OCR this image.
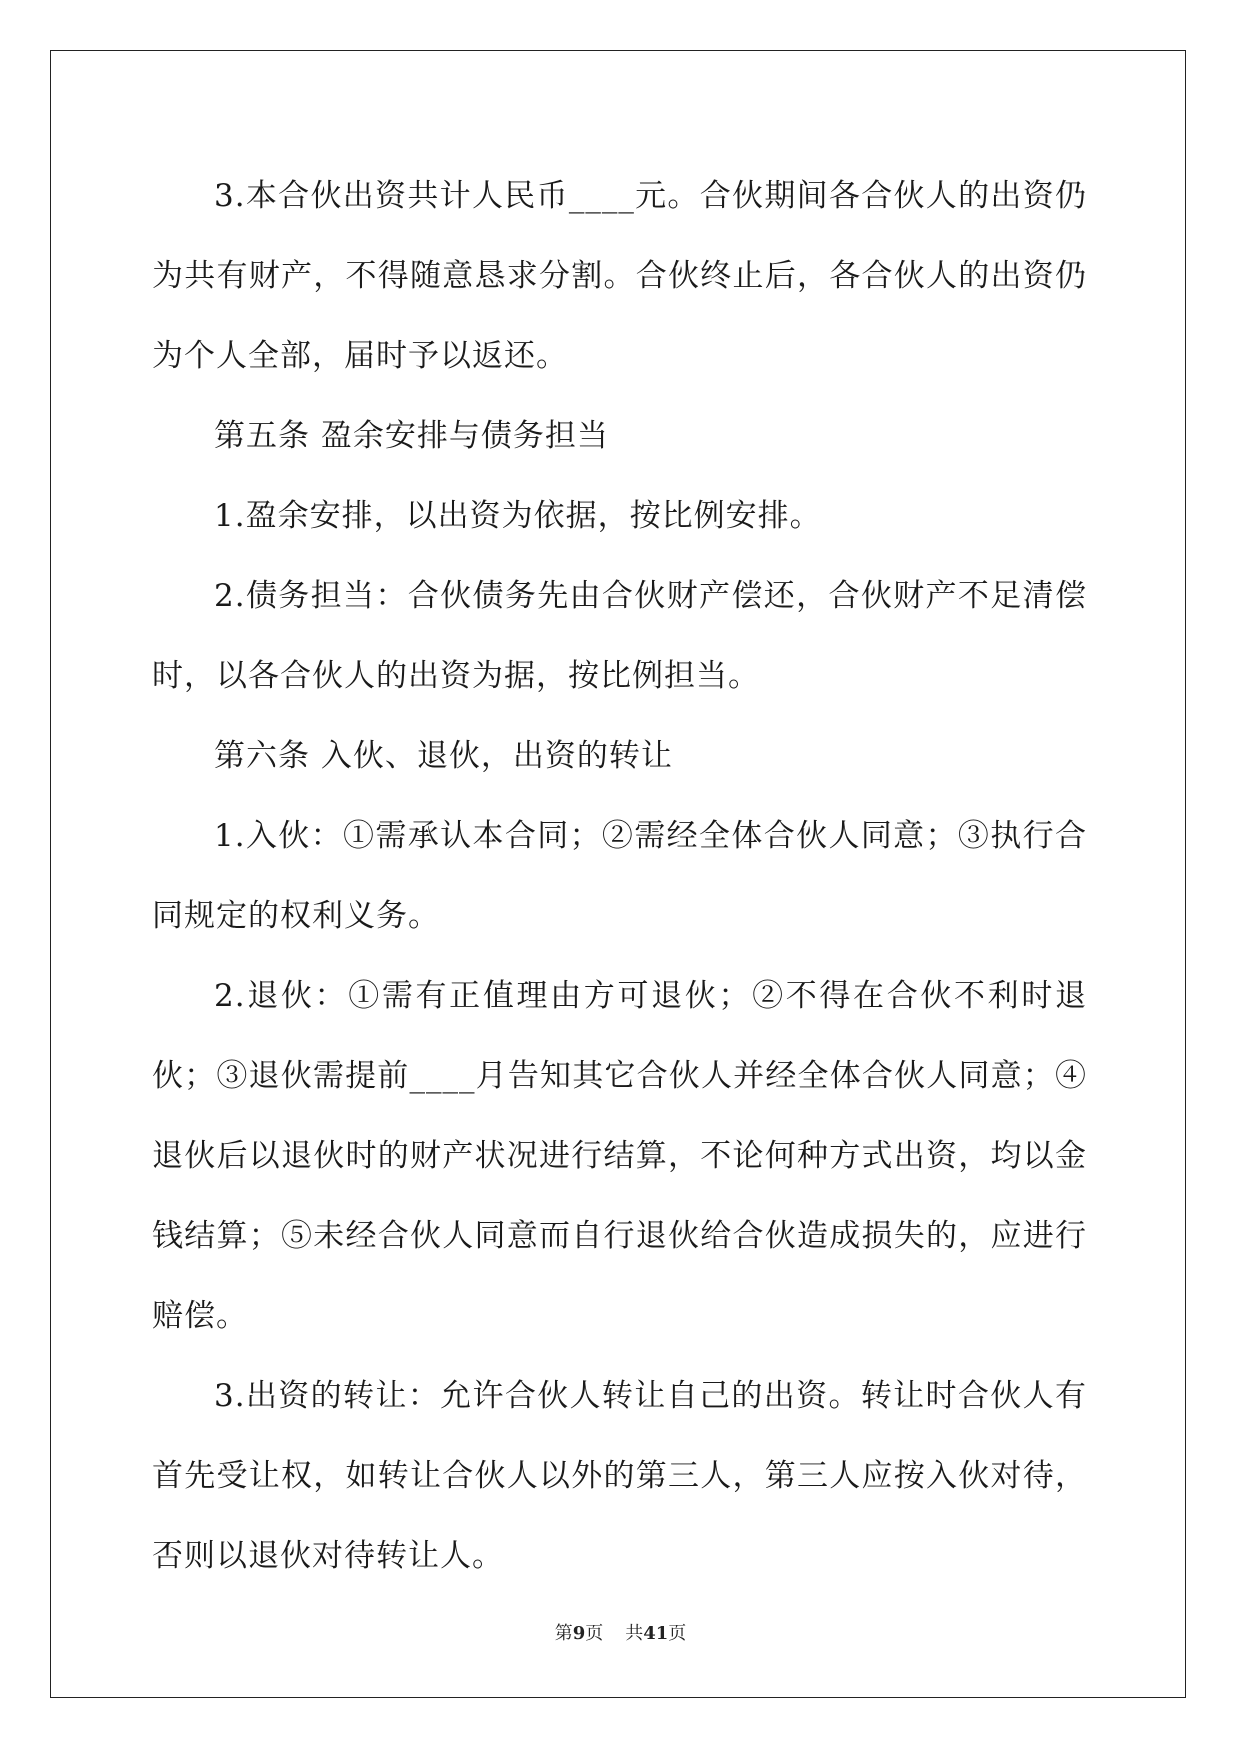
3.本合伙出资共计人民币____元。合伙期间各合伙人的出资仍为共有财产，不得随意恳求分割。合伙终止后，各合伙人的出资仍为个人全部，届时予以返还。

第五条 盈余安排与债务担当

1.盈余安排，以出资为依据，按比例安排。

2.债务担当：合伙债务先由合伙财产偿还，合伙财产不足清偿时，以各合伙人的出资为据，按比例担当。

第六条 入伙、退伙，出资的转让

1.入伙：①需承认本合同；②需经全体合伙人同意；③执行合同规定的权利义务。

2.退伙：①需有正值理由方可退伙；②不得在合伙不利时退伙；③退伙需提前____月告知其它合伙人并经全体合伙人同意；④退伙后以退伙时的财产状况进行结算，不论何种方式出资，均以金钱结算；⑤未经合伙人同意而自行退伙给合伙造成损失的，应进行赔偿。

3.出资的转让：允许合伙人转让自己的出资。转让时合伙人有首先受让权，如转让合伙人以外的第三人，第三人应按入伙对待，否则以退伙对待转让人。

第9页 共41页
